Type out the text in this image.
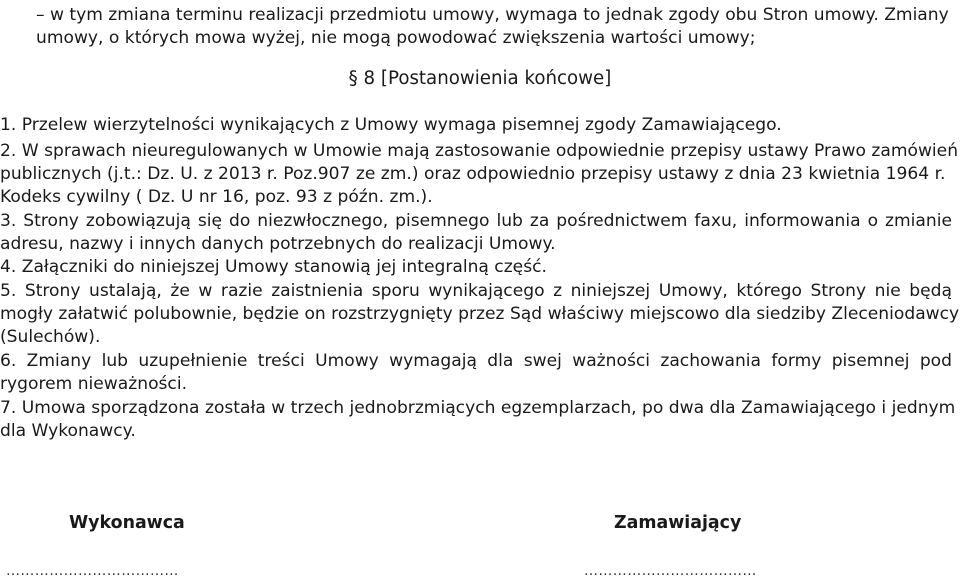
– w tym zmiana terminu realizacji przedmiotu umowy, wymaga to jednak zgody obu Stron umowy. Zmiany
umowy, o których mowa wyżej, nie mogą powodować zwiększenia wartości umowy;
§ 8 [Postanowienia końcowe]
1. Przelew wierzytelności wynikających z Umowy wymaga pisemnej zgody Zamawiającego.
2. W sprawach nieuregulowanych w Umowie mają zastosowanie odpowiednie przepisy ustawy Prawo zamówień
publicznych (j.t.: Dz. U. z 2013 r. Poz.907 ze zm.) oraz odpowiednio przepisy ustawy z dnia 23 kwietnia 1964 r.
Kodeks cywilny ( Dz. U nr 16, poz. 93 z późn. zm.).
3. Strony zobowiązują się do niezwłocznego, pisemnego lub za pośrednictwem faxu, informowania o zmianie
adresu, nazwy i innych danych potrzebnych do realizacji Umowy.
4. Załączniki do niniejszej Umowy stanowią jej integralną część.
5. Strony ustalają, że w razie zaistnienia sporu wynikającego z niniejszej Umowy, którego Strony nie będą
mogły załatwić polubownie, będzie on rozstrzygnięty przez Sąd właściwy miejscowo dla siedziby Zleceniodawcy
(Sulechów).
6. Zmiany lub uzupełnienie treści Umowy wymagają dla swej ważności zachowania formy pisemnej pod
rygorem nieważności.
7. Umowa sporządzona została w trzech jednobrzmiących egzemplarzach, po dwa dla Zamawiającego i jednym
dla Wykonawcy.
Wykonawca	Zamawiający
………………………………	………………………………
